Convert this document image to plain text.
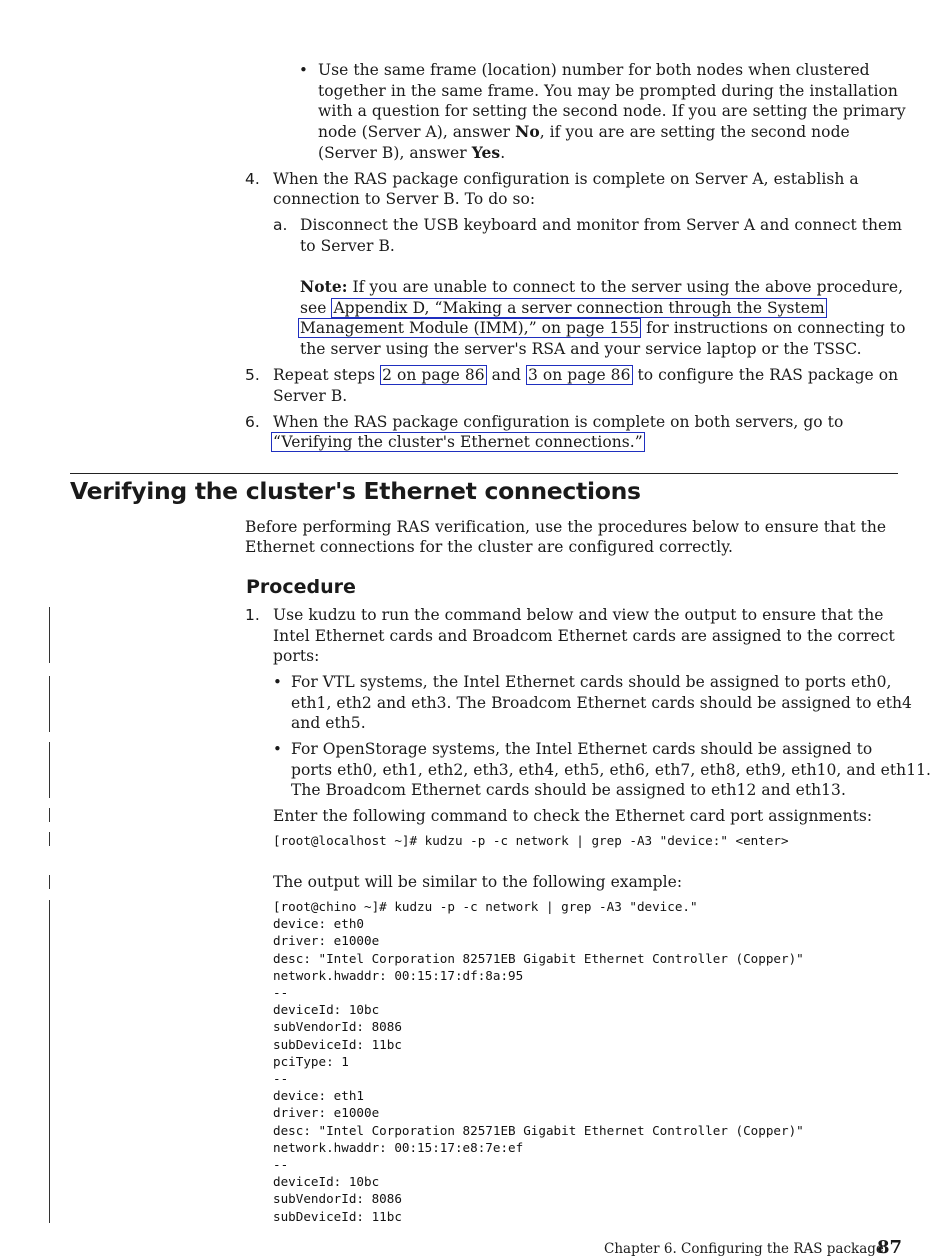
• Use the same frame (location) number for both nodes when clustered
together in the same frame. You may be prompted during the installation
with a question for setting the second node. If you are setting the primary
node (Server A), answer No, if you are are setting the second node
(Server B), answer Yes.
4. When the RAS package configuration is complete on Server A, establish a
connection to Server B. To do so:
a. Disconnect the USB keyboard and monitor from Server A and connect them
to Server B.
Note: If you are unable to connect to the server using the above procedure,
see Appendix D, “Making a server connection through the System
Management Module (IMM),” on page 155 for instructions on connecting to
the server using the server's RSA and your service laptop or the TSSC.
5. Repeat steps 2 on page 86 and 3 on page 86 to configure the RAS package on
Server B.
6. When the RAS package configuration is complete on both servers, go to
“Verifying the cluster's Ethernet connections.”
Verifying the cluster's Ethernet connections
Before performing RAS verification, use the procedures below to ensure that the
Ethernet connections for the cluster are configured correctly.
Procedure
1. Use kudzu to run the command below and view the output to ensure that the
Intel Ethernet cards and Broadcom Ethernet cards are assigned to the correct
ports:
• For VTL systems, the Intel Ethernet cards should be assigned to ports eth0,
eth1, eth2 and eth3. The Broadcom Ethernet cards should be assigned to eth4
and eth5.
• For OpenStorage systems, the Intel Ethernet cards should be assigned to
ports eth0, eth1, eth2, eth3, eth4, eth5, eth6, eth7, eth8, eth9, eth10, and eth11.
The Broadcom Ethernet cards should be assigned to eth12 and eth13.
Enter the following command to check the Ethernet card port assignments:
[root@localhost ~]# kudzu -p -c network | grep -A3 "device:" <enter>
The output will be similar to the following example:
[root@chino ~]# kudzu -p -c network | grep -A3 "device."
device: eth0
driver: e1000e
desc: "Intel Corporation 82571EB Gigabit Ethernet Controller (Copper)"
network.hwaddr: 00:15:17:df:8a:95
--
deviceId: 10bc
subVendorId: 8086
subDeviceId: 11bc
pciType: 1
--
device: eth1
driver: e1000e
desc: "Intel Corporation 82571EB Gigabit Ethernet Controller (Copper)"
network.hwaddr: 00:15:17:e8:7e:ef
--
deviceId: 10bc
subVendorId: 8086
subDeviceId: 11bc
Chapter 6. Configuring the RAS package
87
